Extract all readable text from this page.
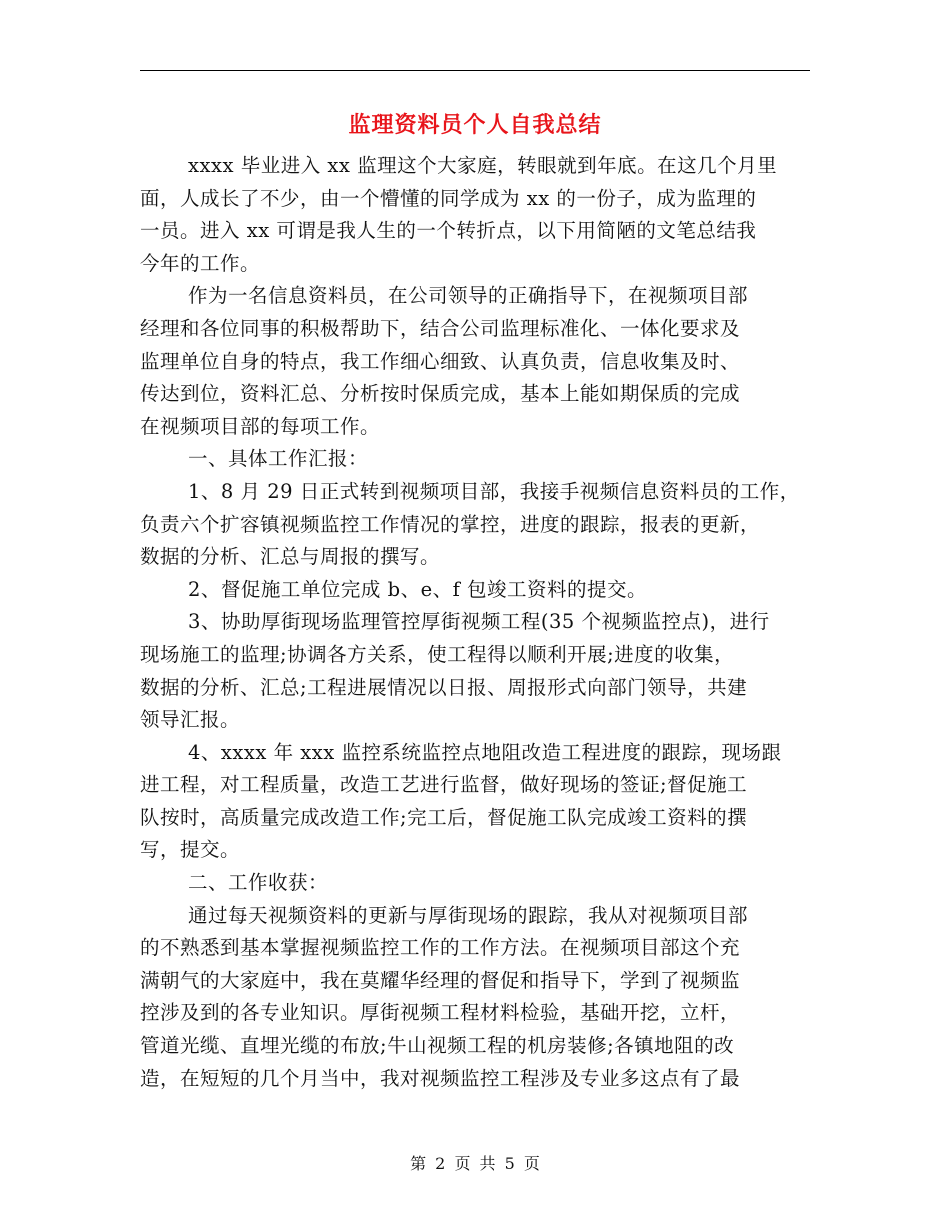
监理资料员个人自我总结
xxxx 毕业进入 xx 监理这个大家庭，转眼就到年底。在这几个月里
面，人成长了不少，由一个懵懂的同学成为 xx 的一份子，成为监理的
一员。进入 xx 可谓是我人生的一个转折点，以下用简陋的文笔总结我
今年的工作。
作为一名信息资料员，在公司领导的正确指导下，在视频项目部
经理和各位同事的积极帮助下，结合公司监理标准化、一体化要求及
监理单位自身的特点，我工作细心细致、认真负责，信息收集及时、
传达到位，资料汇总、分析按时保质完成，基本上能如期保质的完成
在视频项目部的每项工作。
一、具体工作汇报：
1、8 月 29 日正式转到视频项目部，我接手视频信息资料员的工作，
负责六个扩容镇视频监控工作情况的掌控，进度的跟踪，报表的更新，
数据的分析、汇总与周报的撰写。
2、督促施工单位完成 b、e、f 包竣工资料的提交。
3、协助厚街现场监理管控厚街视频工程(35 个视频监控点)，进行
现场施工的监理;协调各方关系，使工程得以顺利开展;进度的收集，
数据的分析、汇总;工程进展情况以日报、周报形式向部门领导，共建
领导汇报。
4、xxxx 年 xxx 监控系统监控点地阻改造工程进度的跟踪，现场跟
进工程，对工程质量，改造工艺进行监督，做好现场的签证;督促施工
队按时，高质量完成改造工作;完工后，督促施工队完成竣工资料的撰
写，提交。
二、工作收获：
通过每天视频资料的更新与厚街现场的跟踪，我从对视频项目部
的不熟悉到基本掌握视频监控工作的工作方法。在视频项目部这个充
满朝气的大家庭中，我在莫耀华经理的督促和指导下，学到了视频监
控涉及到的各专业知识。厚街视频工程材料检验，基础开挖，立杆，
管道光缆、直埋光缆的布放;牛山视频工程的机房装修;各镇地阻的改
造，在短短的几个月当中，我对视频监控工程涉及专业多这点有了最
第 2 页 共 5 页
